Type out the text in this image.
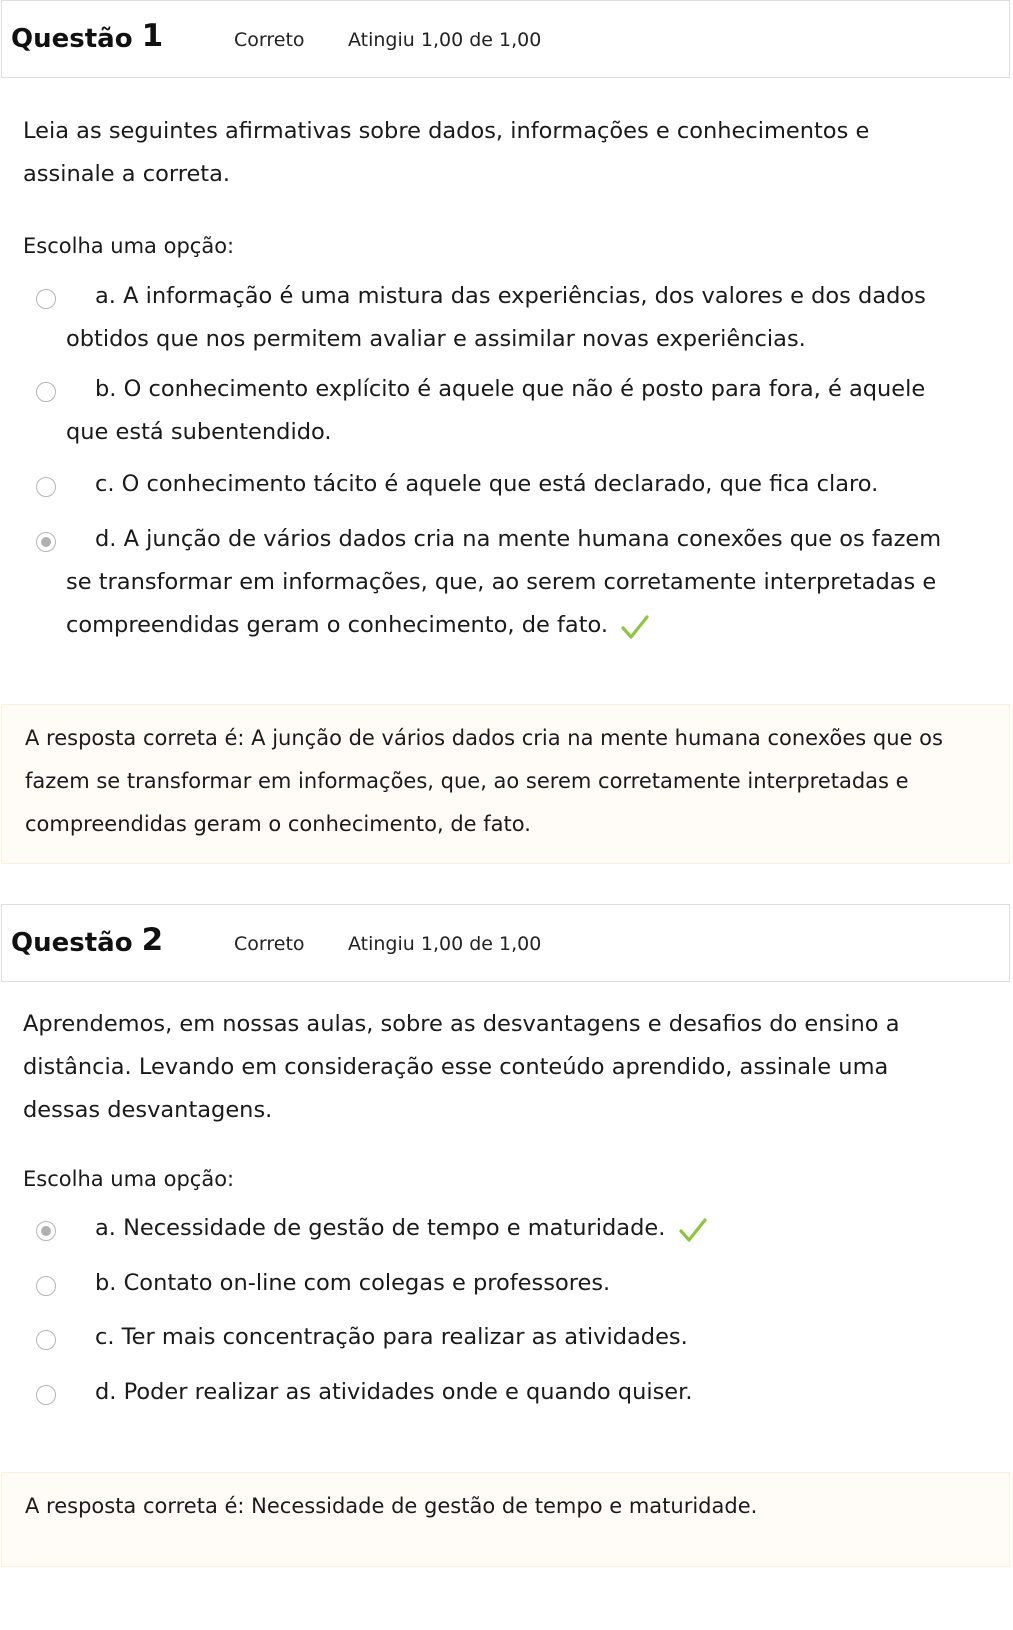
Questão 1	Correto Atingiu 1,00 de 1,00
Leia as seguintes afirmativas sobre dados, informações e conhecimentos e assinale a correta.
Escolha uma opção:
a. A informação é uma mistura das experiências, dos valores e dos dados obtidos que nos permitem avaliar e assimilar novas experiências.
b. O conhecimento explícito é aquele que não é posto para fora, é aquele que está subentendido.
c. O conhecimento tácito é aquele que está declarado, que fica claro.
d. A junção de vários dados cria na mente humana conexões que os fazem se transformar em informações, que, ao serem corretamente interpretadas e compreendidas geram o conhecimento, de fato.
A resposta correta é: A junção de vários dados cria na mente humana conexões que os fazem se transformar em informações, que, ao serem corretamente interpretadas e compreendidas geram o conhecimento, de fato.
Questão 2	Correto Atingiu 1,00 de 1,00
Aprendemos, em nossas aulas, sobre as desvantagens e desafios do ensino a distância. Levando em consideração esse conteúdo aprendido, assinale uma dessas desvantagens.
Escolha uma opção:
a. Necessidade de gestão de tempo e maturidade.
b. Contato on-line com colegas e professores.
c. Ter mais concentração para realizar as atividades.
d. Poder realizar as atividades onde e quando quiser.
A resposta correta é: Necessidade de gestão de tempo e maturidade.
